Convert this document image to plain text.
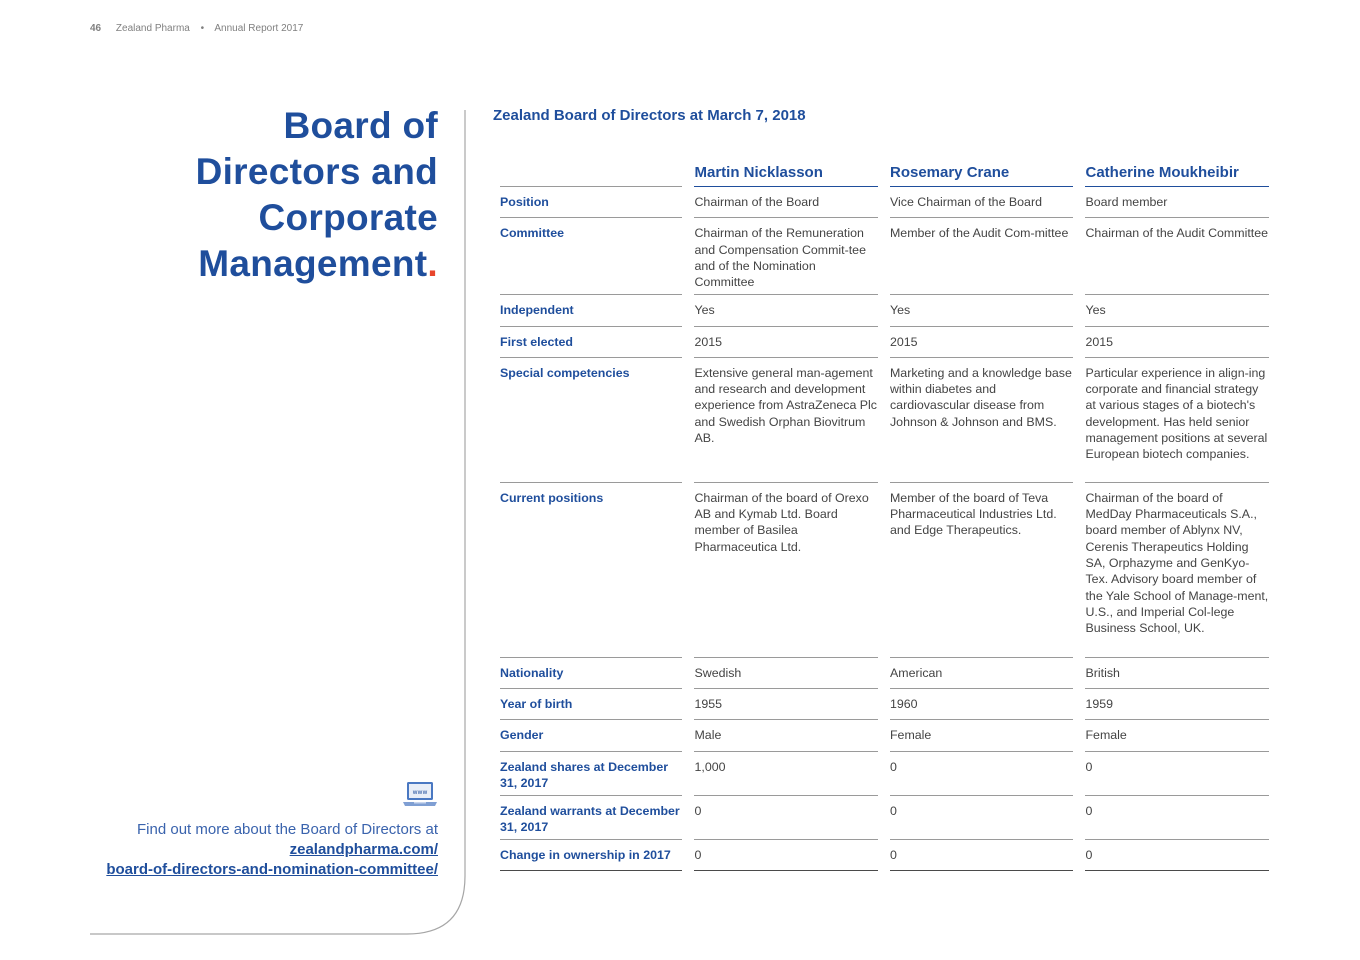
46 Zealand Pharma • Annual Report 2017
Board of
Directors and
Corporate
Management.
www
Find out more about the Board of Directors at
zealandpharma.com/
board-of-directors-and-nomination-committee/
Zealand Board of Directors at March 7, 2018

Martin Nicklasson	Rosemary Crane	Catherine Moukheibir

Position	Chairman of the Board	Vice Chairman of the Board	Board member

Committee	Chairman of the Remuneration and Compensation Commit-tee and of the Nomination Committee	Member of the Audit Com-mittee	Chairman of the Audit Committee

Independent	Yes	Yes	Yes

First elected	2015	2015	2015

Special competencies	Extensive general man-agement and research and development experience from AstraZeneca Plc and Swedish Orphan Biovitrum AB.	Marketing and a knowledge base within diabetes and cardiovascular disease from Johnson & Johnson and BMS.	Particular experience in align-ing corporate and financial strategy at various stages of a biotech's development. Has held senior management positions at several European biotech companies.

Current positions	Chairman of the board of Orexo AB and Kymab Ltd. Board member of Basilea Pharmaceutica Ltd.	Member of the board of Teva Pharmaceutical Industries Ltd. and Edge Therapeutics.	Chairman of the board of MedDay Pharmaceuticals S.A., board member of Ablynx NV, Cerenis Therapeutics Holding SA, Orphazyme and GenKyo-Tex. Advisory board member of the Yale School of Manage-ment, U.S., and Imperial Col-lege Business School, UK.

Nationality	Swedish	American	British

Year of birth	1955	1960	1959

Gender	Male	Female	Female

Zealand shares at December 31, 2017	1,000	0	0

Zealand warrants at December 31, 2017	0	0	0

Change in ownership in 2017	0	0	0
